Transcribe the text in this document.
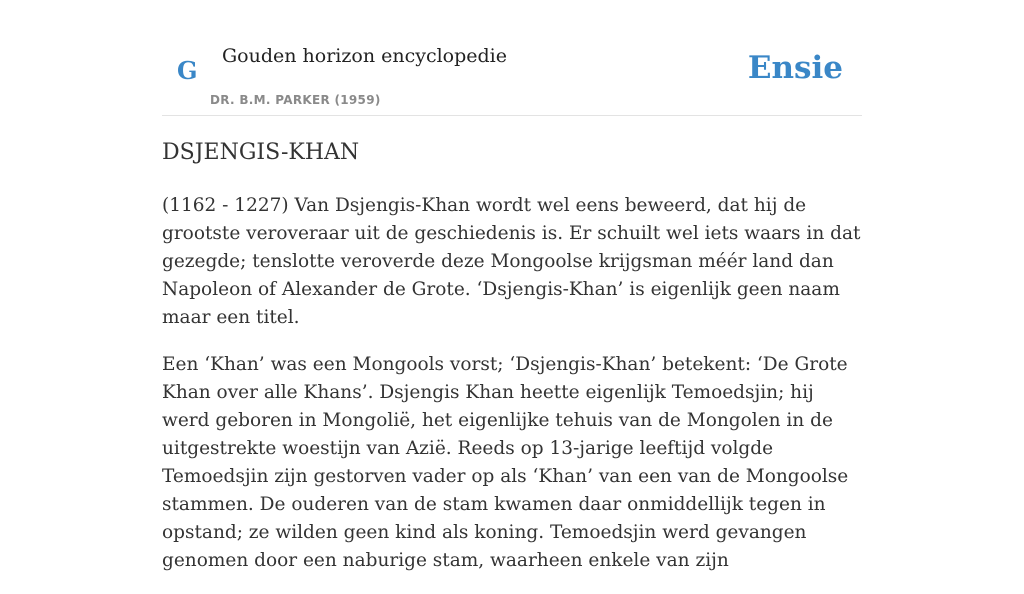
G Gouden horizon encyclopedie
DR. B.M. PARKER (1959)
Ensie
DSJENGIS-KHAN

(1162 - 1227) Van Dsjengis-Khan wordt wel eens beweerd, dat hij de grootste veroveraar uit de geschiedenis is. Er schuilt wel iets waars in dat gezegde; tenslotte veroverde deze Mongoolse krijgsman méér land dan Napoleon of Alexander de Grote. ‘Dsjengis-Khan’ is eigenlijk geen naam maar een titel.

Een ‘Khan’ was een Mongools vorst; ‘Dsjengis-Khan’ betekent: ‘De Grote Khan over alle Khans’. Dsjengis Khan heette eigenlijk Temoedsjin; hij werd geboren in Mongolië, het eigenlijke tehuis van de Mongolen in de uitgestrekte woestijn van Azië. Reeds op 13-jarige leeftijd volgde Temoedsjin zijn gestorven vader op als ‘Khan’ van een van de Mongoolse stammen. De ouderen van de stam kwamen daar onmiddellijk tegen in opstand; ze wilden geen kind als koning. Temoedsjin werd gevangen genomen door een naburige stam, waarheen enkele van zijn
